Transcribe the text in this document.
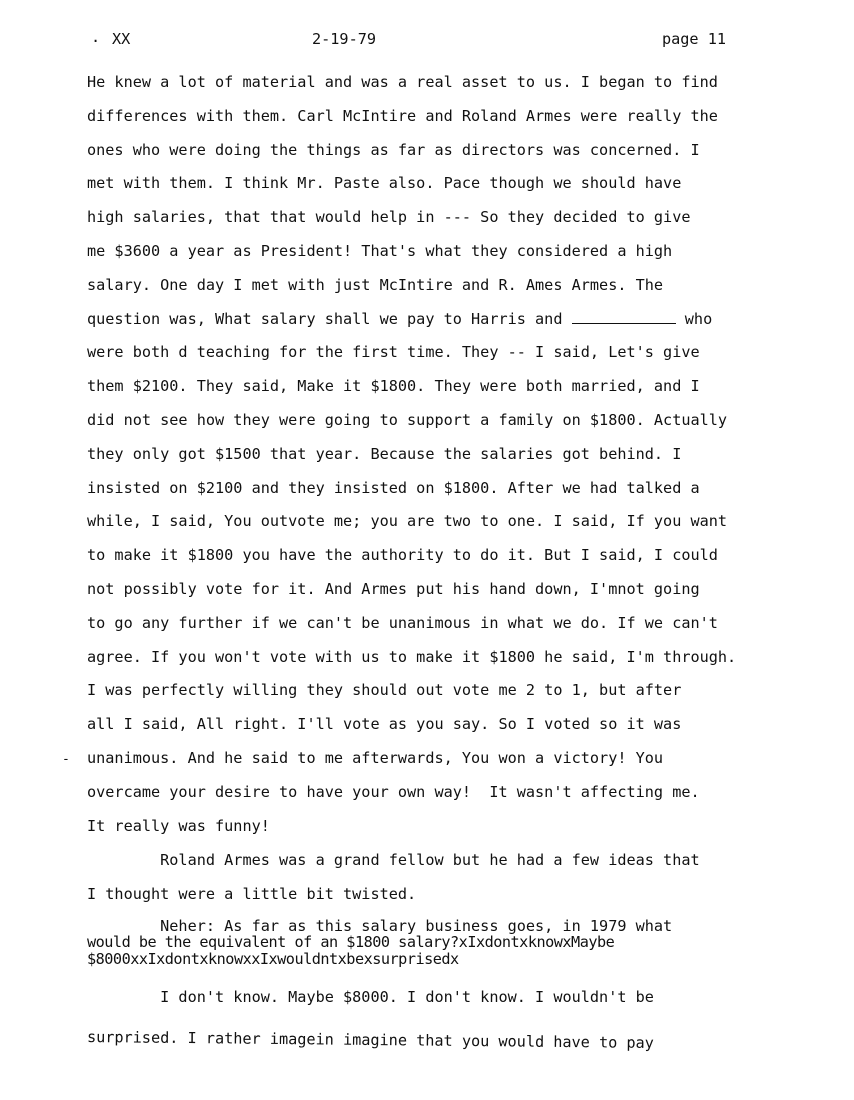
. XX	2-19-79	page 11
He knew a lot of material and was a real asset to us. I began to find
differences with them. Carl McIntire and Roland Armes were really the
ones who were doing the things as far as directors was concerned. I
met with them. I think Mr. Paste also. Pace though we should have
high salaries, that that would help in --- So they decided to give
me $3600 a year as President! That's what they considered a high
salary. One day I met with just McIntire and R. Ames Armes. The
question was, What salary shall we pay to Harris and	who
were both d teaching for the first time. They -- I said, Let's give
them $2100. They said, Make it $1800. They were both married, and I
did not see how they were going to support a family on $1800. Actually
they only got $1500 that year. Because the salaries got behind. I
insisted on $2100 and they insisted on $1800. After we had talked a
while, I said, You outvote me; you are two to one. I said, If you want
to make it $1800 you have the authority to do it. But I said, I could
not possibly vote for it. And Armes put his hand down, I'mnot going
to go any further if we can't be unanimous in what we do. If we can't
agree. If you won't vote with us to make it $1800 he said, I'm through.
I was perfectly willing they should out vote me 2 to 1, but after
all I said, All right. I'll vote as you say. So I voted so it was
unanimous. And he said to me afterwards, You won a victory! You
overcame your desire to have your own way!  It wasn't affecting me.
It really was funny!
-
Roland Armes was a grand fellow but he had a few ideas that
I thought were a little bit twisted.
Neher: As far as this salary business goes, in 1979 what
would be the equivalent of an $1800 salary?xIxdontxknowxMaybe
$8000xxIxdontxknowxxIxwouldntxbexsurprisedx
I don't know. Maybe $8000. I don't know. I wouldn't be
surprised. I rather imagein imagine that you would have to pay
